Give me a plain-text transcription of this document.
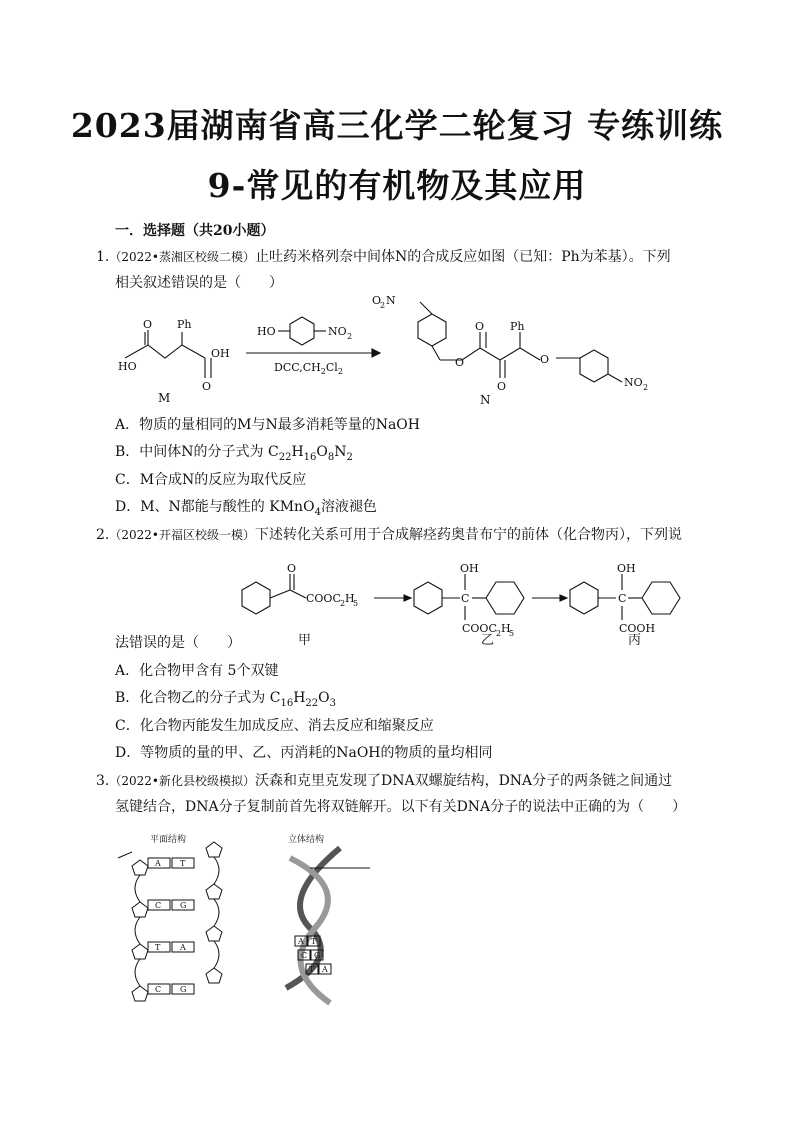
2023届湖南省高三化学二轮复习 专练训练
9-常见的有机物及其应用
一．选择题（共20小题）
1.（2022•蒸湘区校级二模）止吐药米格列奈中间体N的合成反应如图（已知：Ph为苯基）。下列
相关叙述错误的是（　　）
O Ph
OH
HO
O
HO	NO 2
O
2 N
O Ph
O	O
O	NO 2
$DCC,CH_2Cl_2$
M	N
A．物质的量相同的M与N最多消耗等量的NaOH
B．中间体N的分子式为 $C_{22}H_{16}O_8N_2$
C．M合成N的反应为取代反应
D．M、N都能与酸性的 KMnO$_4$溶液褪色
2.（2022•开福区校级一模）下述转化关系可用于合成解痉药奥昔布宁的前体（化合物丙），下列说
O
COOC 2 H
5
OH
C
COOC 2 H
5
OH
C
COOH
甲	乙	丙
法错误的是（　　）
A．化合物甲含有 5个双键
B．化合物乙的分子式为 $C_{16}H_{22}O_3$
C．化合物丙能发生加成反应、消去反应和缩聚反应
D．等物质的量的甲、乙、丙消耗的NaOH的物质的量均相同
3.（2022•新化县校级模拟）沃森和克里克发现了DNA双螺旋结构，DNA分子的两条链之间通过
氢键结合，DNA分子复制前首先将双链解开。以下有关DNA分子的说法中正确的为（　　）
平面结构	立体结构
A T
C G
T A
C G
A T
C G
T A
